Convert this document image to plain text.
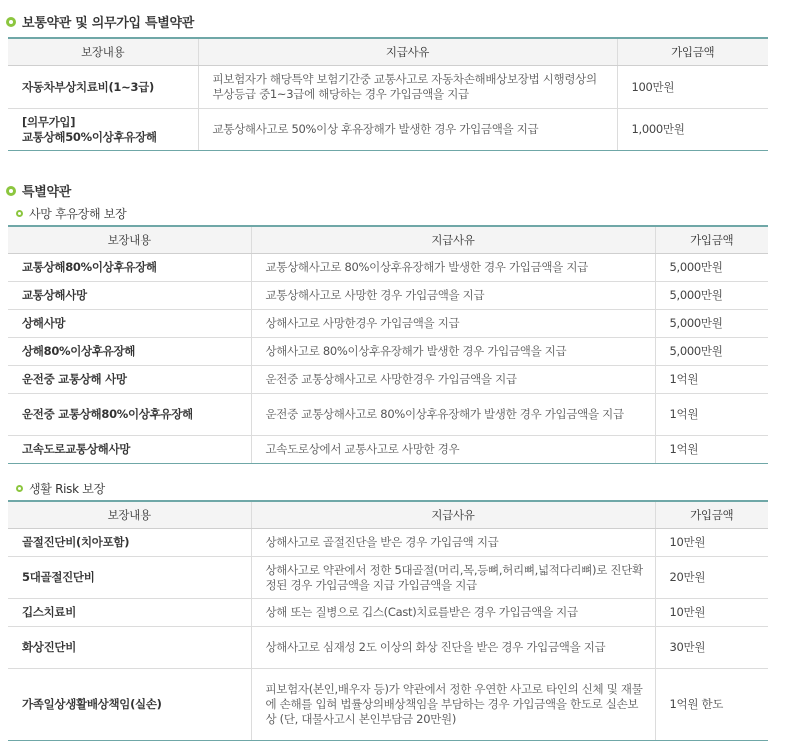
보통약관 및 의무가입 특별약관
보장내용	지급사유	가입금액
자동차부상치료비(1~3급)	피보험자가 해당특약 보험기간중 교통사고로 자동차손해배상보장법 시행령상의 부상등급 중1~3급에 해당하는 경우 가입금액을 지급	100만원
[의무가입]
교통상해50%이상후유장해	교통상해사고로 50%이상 후유장해가 발생한 경우 가입금액을 지급	1,000만원
특별약관
사망 후유장해 보장
보장내용	지급사유	가입금액
교통상해80%이상후유장해	교통상해사고로 80%이상후유장해가 발생한 경우 가입금액을 지급	5,000만원
교통상해사망	교통상해사고로 사망한 경우 가입금액을 지급	5,000만원
상해사망	상해사고로 사망한경우 가입금액을 지급	5,000만원
상해80%이상후유장해	상해사고로 80%이상후유장해가 발생한 경우 가입금액을 지급	5,000만원
운전중 교통상해 사망	운전중 교통상해사고로 사망한경우 가입금액을 지급	1억원
운전중 교통상해80%이상후유장해	운전중 교통상해사고로 80%이상후유장해가 발생한 경우 가입금액을 지급	1억원
고속도로교통상해사망	고속도로상에서 교통사고로 사망한 경우	1억원
생활 Risk 보장
보장내용	지급사유	가입금액
골절진단비(치아포함)	상해사고로 골절진단을 받은 경우 가입금액 지급	10만원
5대골절진단비	상해사고로 약관에서 정한 5대골절(머리,목,등뼈,허리뼈,넓적다리뼈)로 진단확정된 경우 가입금액을 지급 가입금액을 지급	20만원
깁스치료비	상해 또는 질병으로 깁스(Cast)치료를받은 경우 가입금액을 지급	10만원
화상진단비	상해사고로 심재성 2도 이상의 화상 진단을 받은 경우 가입금액을 지급	30만원
가족일상생활배상책임(실손)	피보험자(본인,배우자 등)가 약관에서 정한 우연한 사고로 타인의 신체 및 재물에 손해를 입혀 법률상의배상책임을 부담하는 경우 가입금액을 한도로 실손보상 (단, 대물사고시 본인부담금 20만원)	1억원 한도
